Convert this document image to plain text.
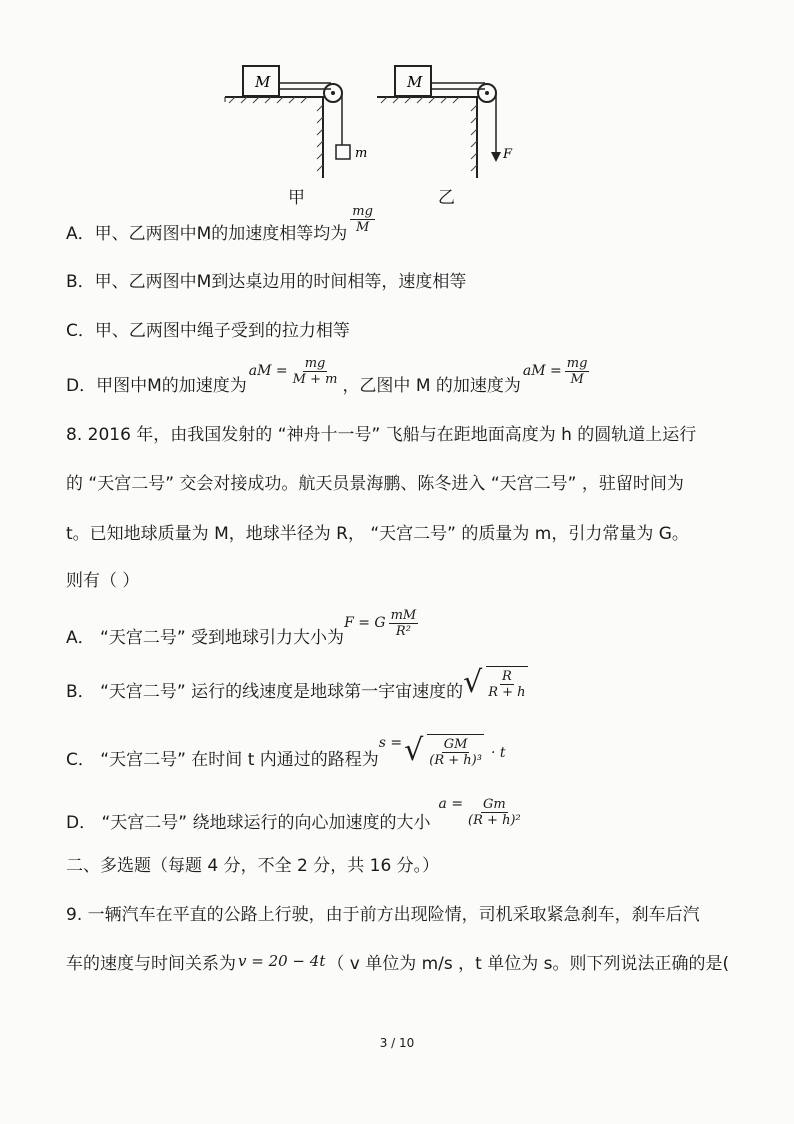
M
m
M
F
甲	乙
A．甲、乙两图中M的加速度相等均为 $\frac{mg}{M}$
B．甲、乙两图中M到达桌边用的时间相等，速度相等
C．甲、乙两图中绳子受到的拉力相等
D．甲图中M的加速度为
aM = $\frac{mg}{M + m}$ ，乙图中 M 的加速度为
aM = $\frac{mg}{M}$
8. 2016 年，由我国发射的 “神舟十一号” 飞船与在距地面高度为 h 的圆轨道上运行
的 “天宫二号” 交会对接成功。航天员景海鹏、陈冬进入 “天宫二号” ，驻留时间为
t。已知地球质量为 M，地球半径为 R， “天宫二号” 的质量为 m，引力常量为 G。
则有（ ）
A． “天宫二号” 受到地球引力大小为
F = G $\frac{mM}{\text{R²}}$
B． “天宫二号” 运行的线速度是地球第一宇宙速度的 √ $\frac{R}{R + h}$
C． “天宫二号” 在时间 t 内通过的路程为
s = √ $\frac{GM}{\text{(R + h)³}} \cdot t$
D． “天宫二号” 绕地球运行的向心加速度的大小
$a = \frac{Gm}{\text{(R + h)²}}$
二、多选题（每题 4 分，不全 2 分，共 16 分。）
9. 一辆汽车在平直的公路上行驶，由于前方出现险情，司机采取紧急刹车，刹车后汽
车的速度与时间关系为 v = 20 − 4t （ v 单位为 m/s ，t 单位为 s。则下列说法正确的是(
3 / 10
